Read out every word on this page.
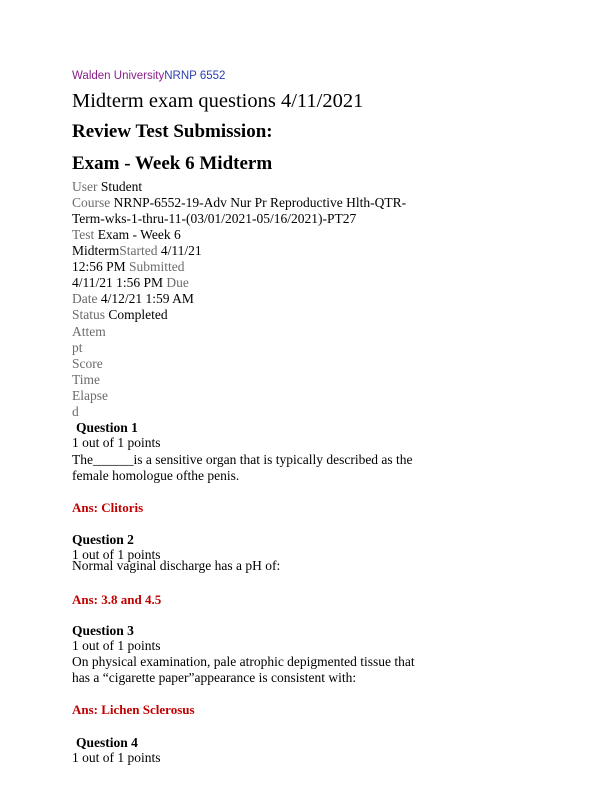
Walden UniversityNRNP 6552
Midterm exam questions 4/11/2021
Review Test Submission:
Exam - Week 6 Midterm
User Student
Course NRNP-6552-19-Adv Nur Pr Reproductive Hlth-QTR-
Term-wks-1-thru-11-(03/01/2021-05/16/2021)-PT27
Test Exam - Week 6
MidtermStarted 4/11/21
12:56 PM Submitted
4/11/21 1:56 PM Due
Date 4/12/21 1:59 AM
Status Completed
Attem
pt
Score
Time
Elapse
d
Question 1
1 out of 1 points
The______is a sensitive organ that is typically described as the
female homologue ofthe penis.
Ans: Clitoris
Question 2
1 out of 1 points
Normal vaginal discharge has a pH of:
Ans: 3.8 and 4.5
Question 3
1 out of 1 points
On physical examination, pale atrophic depigmented tissue that
has a “cigarette paper”appearance is consistent with:
Ans: Lichen Sclerosus
Question 4
1 out of 1 points
